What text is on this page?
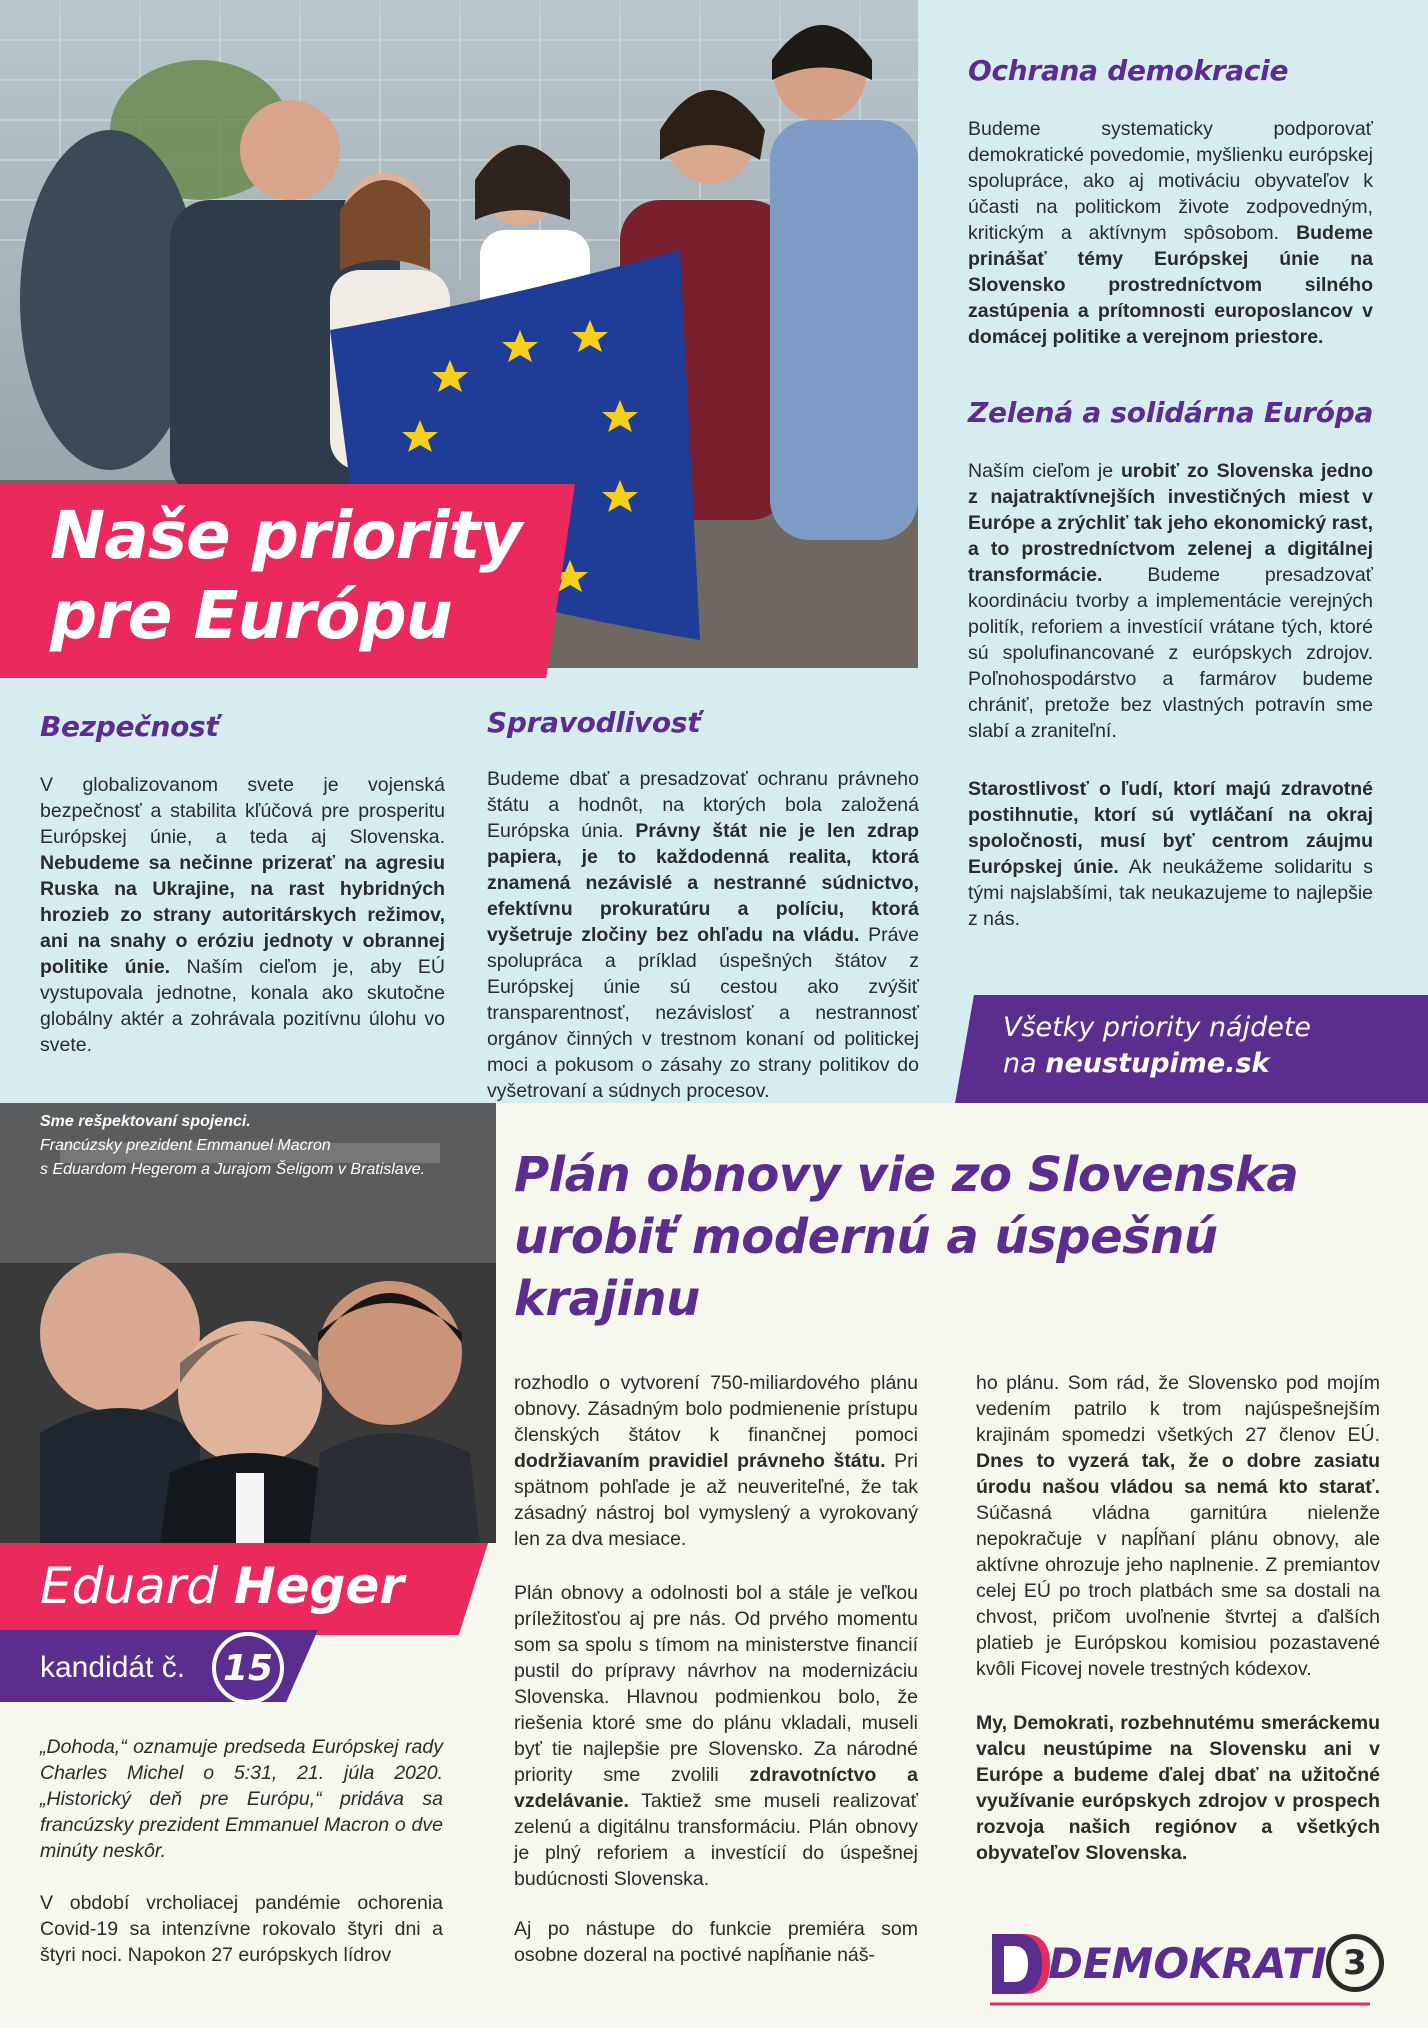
Naše priority
pre Európu
Ochrana demokracie
Budeme systematicky podporovať demokratické povedomie, myšlienku európskej spolupráce, ako aj motiváciu obyvateľov k účasti na politickom živote zodpovedným, kritickým a aktívnym spôsobom. Budeme prinášať témy Európskej únie na Slovensko prostredníctvom silného zastúpenia a prítomnosti europoslancov v domácej politike a verejnom priestore.
Zelená a solidárna Európa
Naším cieľom je urobiť zo Slovenska jedno z najatraktívnejších investičných miest v Európe a zrýchliť tak jeho ekonomický rast, a to prostredníctvom zelenej a digitálnej transformácie. Budeme presadzovať koordináciu tvorby a implementácie verejných politík, reforiem a investícií vrátane tých, ktoré sú spolufinancované z európskych zdrojov. Poľnohospodárstvo a farmárov budeme chrániť, pretože bez vlastných potravín sme slabí a zraniteľní.
Starostlivosť o ľudí, ktorí majú zdravotné postihnutie, ktorí sú vytláčaní na okraj spoločnosti, musí byť centrom záujmu Európskej únie. Ak neukážeme solidaritu s tými najslabšími, tak neukazujeme to najlepšie z nás.
Bezpečnosť
V globalizovanom svete je vojenská bezpečnosť a stabilita kľúčová pre prosperitu Európskej únie, a teda aj Slovenska. Nebudeme sa nečinne prizerať na agresiu Ruska na Ukrajine, na rast hybridných hrozieb zo strany autoritárskych režimov, ani na snahy o eróziu jednoty v obrannej politike únie. Naším cieľom je, aby EÚ vystupovala jednotne, konala ako skutočne globálny aktér a zohrávala pozitívnu úlohu vo svete.
Spravodlivosť
Budeme dbať a presadzovať ochranu právneho štátu a hodnôt, na ktorých bola založená Európska únia. Právny štát nie je len zdrap papiera, je to každodenná realita, ktorá znamená nezávislé a nestranné súdnictvo, efektívnu prokuratúru a políciu, ktorá vyšetruje zločiny bez ohľadu na vládu. Práve spolupráca a príklad úspešných štátov z Európskej únie sú cestou ako zvýšiť transparentnosť, nezávislosť a nestrannosť orgánov činných v trestnom konaní od politickej moci a pokusom o zásahy zo strany politikov do vyšetrovaní a súdnych procesov.
Všetky priority nájdete
na neustupime.sk
Sme rešpektovaní spojenci.
Francúzsky prezident Emmanuel Macron
s Eduardom Hegerom a Jurajom Šeligom v Bratislave.
Eduard Heger
kandidát č.	15
Plán obnovy vie zo Slovenska
urobiť modernú a úspešnú
krajinu
„Dohoda,“ oznamuje predseda Európskej rady Charles Michel o 5:31, 21. júla 2020. „Historický deň pre Európu,“ pridáva sa francúzsky prezident Emmanuel Macron o dve minúty neskôr.
V období vrcholiacej pandémie ochorenia Covid-19 sa intenzívne rokovalo štyri dni a štyri noci. Napokon 27 európskych lídrov
rozhodlo o vytvorení 750-miliardového plánu obnovy. Zásadným bolo podmienenie prístupu členských štátov k finančnej pomoci dodržiavaním pravidiel právneho štátu. Pri spätnom pohľade je až neuveriteľné, že tak zásadný nástroj bol vymyslený a vyrokovaný len za dva mesiace.
Plán obnovy a odolnosti bol a stále je veľkou príležitosťou aj pre nás. Od prvého momentu som sa spolu s tímom na ministerstve financií pustil do prípravy návrhov na modernizáciu Slovenska. Hlavnou podmienkou bolo, že riešenia ktoré sme do plánu vkladali, museli byť tie najlepšie pre Slovensko. Za národné priority sme zvolili zdravotníctvo a vzdelávanie. Taktiež sme museli realizovať zelenú a digitálnu transformáciu. Plán obnovy je plný reforiem a investícií do úspešnej budúcnosti Slovenska.
Aj po nástupe do funkcie premiéra som osobne dozeral na poctivé napĺňanie náš-
ho plánu. Som rád, že Slovensko pod mojím vedením patrilo k trom najúspešnejším krajinám spomedzi všetkých 27 členov EÚ. Dnes to vyzerá tak, že o dobre zasiatu úrodu našou vládou sa nemá kto starať. Súčasná vládna garnitúra nielenže nepokračuje v napĺňaní plánu obnovy, ale aktívne ohrozuje jeho naplnenie. Z premiantov celej EÚ po troch platbách sme sa dostali na chvost, pričom uvoľnenie štvrtej a ďalších platieb je Európskou komisiou pozastavené kvôli Ficovej novele trestných kódexov.
My, Demokrati, rozbehnutému smeráckemu valcu neustúpime na Slovensku ani v Európe a budeme ďalej dbať na užitočné využívanie európskych zdrojov v prospech rozvoja našich regiónov a všetkých obyvateľov Slovenska.
DEMOKRATI 3
